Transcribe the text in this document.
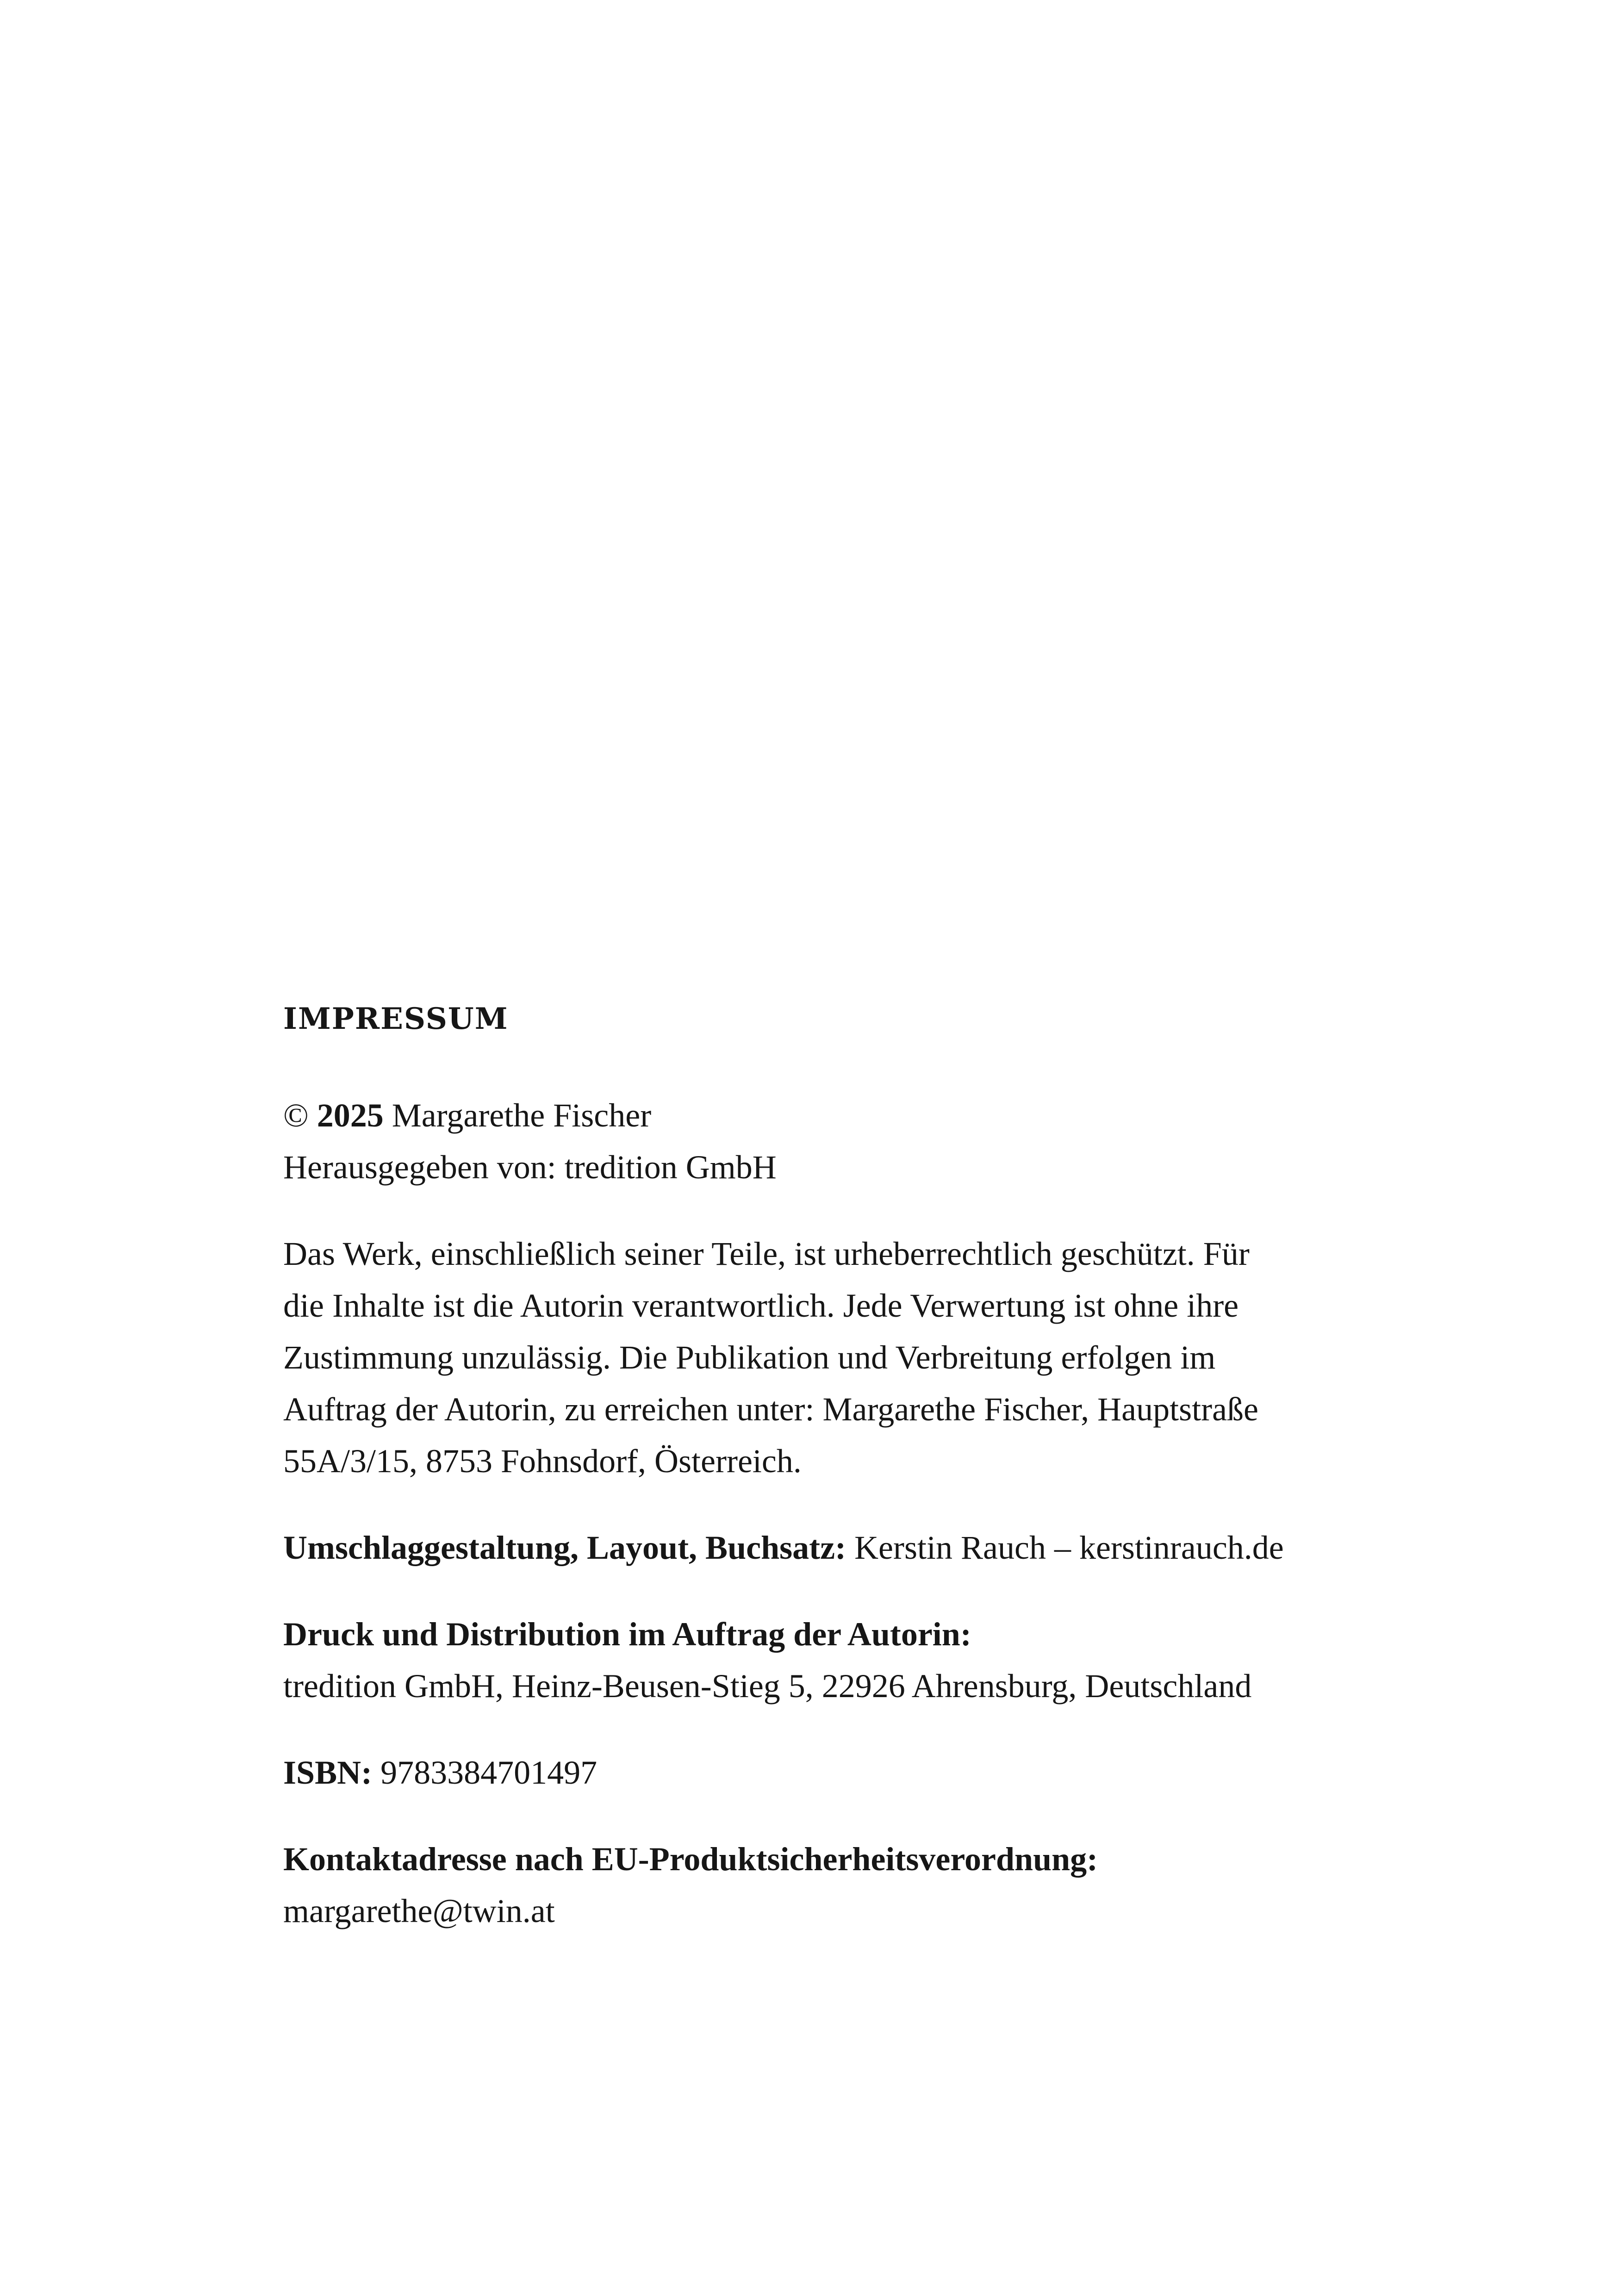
IMPRESSUM
© 2025 Margarethe Fischer
Herausgegeben von: tredition GmbH
Das Werk, einschließlich seiner Teile, ist urheberrechtlich geschützt. Für
die Inhalte ist die Autorin verantwortlich. Jede Verwertung ist ohne ihre
Zustimmung unzulässig. Die Publikation und Verbreitung erfolgen im
Auftrag der Autorin, zu erreichen unter: Margarethe Fischer, Hauptstraße
55A/3/15, 8753 Fohnsdorf, Österreich.
Umschlaggestaltung, Layout, Buchsatz: Kerstin Rauch – kerstinrauch.de
Druck und Distribution im Auftrag der Autorin:
tredition GmbH, Heinz-Beusen-Stieg 5, 22926 Ahrensburg, Deutschland
ISBN: 9783384701497
Kontaktadresse nach EU-Produktsicherheitsverordnung:
margarethe@twin.at
